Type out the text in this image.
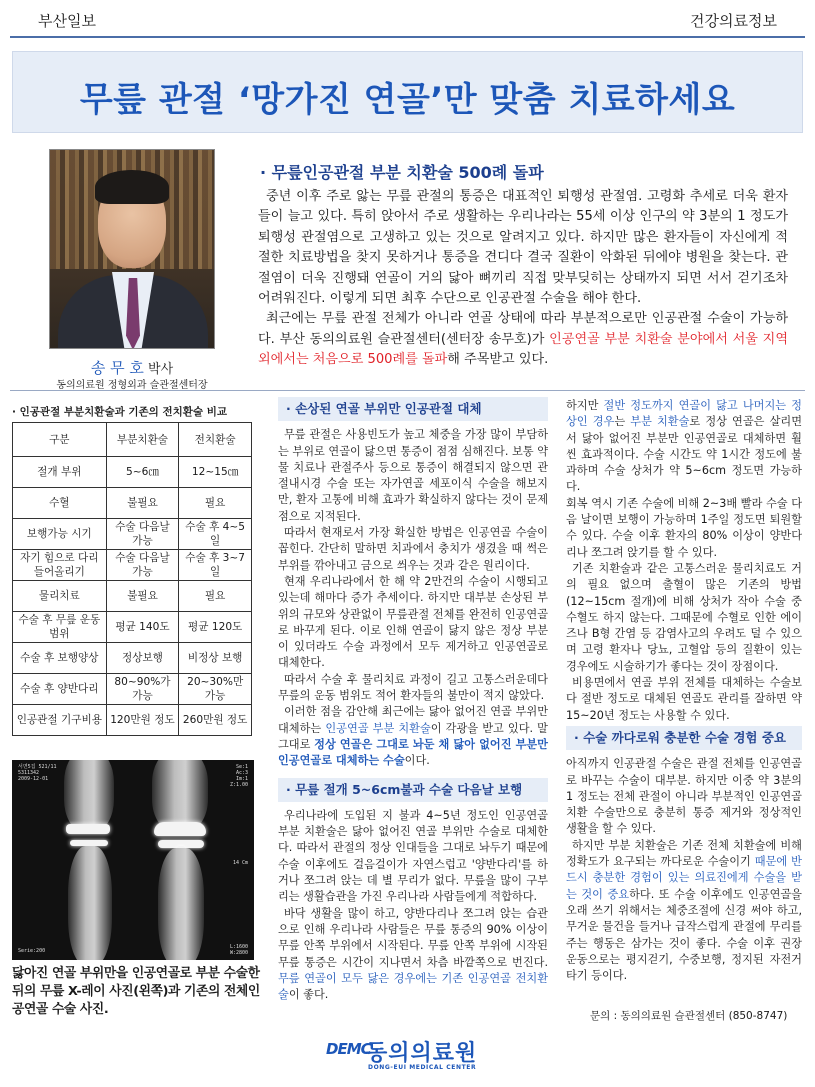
부산일보	건강의료정보
무릎 관절 ‘망가진 연골’만 맞춤 치료하세요
송 무 호 박사
동의의료원 정형외과 슬관절센터장
· 무릎인공관절 부분 치환술 500례 돌파

중년 이후 주로 앓는 무릎 관절의 통증은 대표적인 퇴행성 관절염. 고령화 추세로 더욱 환자들이 늘고 있다. 특히 앉아서 주로 생활하는 우리나라는 55세 이상 인구의 약 3분의 1 정도가 퇴행성 관절염으로 고생하고 있는 것으로 알려지고 있다. 하지만 많은 환자들이 자신에게 적절한 치료방법을 찾지 못하거나 통증을 견디다 결국 질환이 악화된 뒤에야 병원을 찾는다. 관절염이 더욱 진행돼 연골이 거의 닳아 뼈끼리 직접 맞부딪히는 상태까지 되면 서서 걷기조차 어려워진다. 이렇게 되면 최후 수단으로 인공관절 수술을 해야 한다.

최근에는 무릎 관절 전체가 아니라 연골 상태에 따라 부분적으로만 인공관절 수술이 가능하다. 부산 동의의료원 슬관절센터(센터장 송무호)가 인공연골 부분 치환술 분야에서 서울 지역 외에서는 처음으로 500례를 돌파해 주목받고 있다.

· 인공관절 부분치환술과 기존의 전치환술 비교
구분	부분치환술	전치환술
절개 부위	5~6㎝	12~15㎝
수혈	불필요	필요
보행가능 시기	수술 다음날 가능	수술 후 4~5일
자기 힘으로 다리 들어올리기	수술 다음날 가능	수술 후 3~7일
물리치료	불필요	필요
수술 후 무릎 운동범위	평균 140도	평균 120도
수술 후 보행양상	정상보행	비정상 보행
수술 후 양반다리	80~90%가 가능	20~30%만 가능
인공관절 기구비용	120만원 정도	260만원 정도
서면5집 521/11
5311342
2009-12-01
Se:1
Ac:3
Im:1
Z:1.00
14 Cm
Serie:200
L:1600
W:2800
닳아진 연골 부위만을 인공연골로 부분 수술한 뒤의 무릎 X-레이 사진(왼쪽)과 기존의 전체인공연골 수술 사진.
· 손상된 연골 부위만 인공관절 대체

무릎 관절은 사용빈도가 높고 체중을 가장 많이 부담하는 부위로 연골이 닳으면 통증이 점점 심해진다. 보통 약물 치료나 관절주사 등으로 통증이 해결되지 않으면 관절내시경 수술 또는 자가연골 세포이식 수술을 해보지만, 환자 고통에 비해 효과가 확실하지 않다는 것이 문제점으로 지적된다.

따라서 현재로서 가장 확실한 방법은 인공연골 수술이 꼽힌다. 간단히 말하면 치과에서 충치가 생겼을 때 썩은 부위를 깎아내고 금으로 씌우는 것과 같은 원리이다.

현재 우리나라에서 한 해 약 2만건의 수술이 시행되고 있는데 해마다 증가 추세이다. 하지만 대부분 손상된 부위의 규모와 상관없이 무릎관절 전체를 완전히 인공연골로 바꾸게 된다. 이로 인해 연골이 닳지 않은 정상 부분이 있더라도 수술 과정에서 모두 제거하고 인공연골로 대체한다.

따라서 수술 후 물리치료 과정이 길고 고통스러운데다 무릎의 운동 범위도 적어 환자들의 불만이 적지 않았다.

이러한 점을 감안해 최근에는 닳아 없어진 연골 부위만 대체하는 인공연골 부분 치환술이 각광을 받고 있다. 말 그대로 정상 연골은 그대로 놔둔 채 닳아 없어진 부분만 인공연골로 대체하는 수술이다.

· 무릎 절개 5~6cm불과 수술 다음날 보행

우리나라에 도입된 지 불과 4~5년 정도인 인공연골 부분 치환술은 닳아 없어진 연골 부위만 수술로 대체한다. 따라서 관절의 정상 인대들을 그대로 놔두기 때문에 수술 이후에도 걸음걸이가 자연스럽고 '양반다리'를 하거나 쪼그려 앉는 데 별 무리가 없다. 무릎을 많이 구부리는 생활습관을 가진 우리나라 사람들에게 적합하다.

바닥 생활을 많이 하고, 양반다리나 쪼그려 앉는 습관으로 인해 우리나라 사람들은 무릎 통증의 90% 이상이 무릎 안쪽 부위에서 시작된다. 무릎 안쪽 부위에 시작된 무릎 통증은 시간이 지나면서 차츰 바깥쪽으로 번진다. 무릎 연골이 모두 닳은 경우에는 기존 인공연골 전치환술이 좋다.

하지만 절반 정도까지 연골이 닳고 나머지는 정상인 경우는 부분 치환술로 정상 연골은 살리면서 닳아 없어진 부분만 인공연골로 대체하면 훨씬 효과적이다. 수술 시간도 약 1시간 정도에 불과하며 수술 상처가 약 5~6cm 정도면 가능하다.

회복 역시 기존 수술에 비해 2~3배 빨라 수술 다음 날이면 보행이 가능하며 1주일 정도면 퇴원할 수 있다. 수술 이후 환자의 80% 이상이 양반다리나 쪼그려 앉기를 할 수 있다.

기존 치환술과 같은 고통스러운 물리치료도 거의 필요 없으며 출혈이 많은 기존의 방법(12~15cm 절개)에 비해 상처가 작아 수술 중 수혈도 하지 않는다. 그때문에 수혈로 인한 에이즈나 B형 간염 등 감염사고의 우려도 덜 수 있으며 고령 환자나 당뇨, 고혈압 등의 질환이 있는 경우에도 시술하기가 좋다는 것이 장점이다.

비용면에서 연골 부위 전체를 대체하는 수술보다 절반 정도로 대체된 연골도 관리를 잘하면 약 15~20년 정도는 사용할 수 있다.

· 수술 까다로워 충분한 수술 경험 중요

아직까지 인공관절 수술은 관절 전체를 인공연골로 바꾸는 수술이 대부분. 하지만 이중 약 3분의 1 정도는 전체 관절이 아니라 부분적인 인공연골 치환 수술만으로 충분히 통증 제거와 정상적인 생활을 할 수 있다.

하지만 부분 치환술은 기존 전체 치환술에 비해 정확도가 요구되는 까다로운 수술이기 때문에 반드시 충분한 경험이 있는 의료진에게 수술을 받는 것이 중요하다. 또 수술 이후에도 인공연골을 오래 쓰기 위해서는 체중조절에 신경 써야 하고, 무거운 물건을 들거나 급작스럽게 관절에 무리를 주는 행동은 삼가는 것이 좋다. 수술 이후 권장 운동으로는 평지걷기, 수중보행, 정지된 자전거 타기 등이다.

문의 : 동의의료원 슬관절센터 (850-8747)
DEMC
동의의료원
DONG-EUI MEDICAL CENTER
